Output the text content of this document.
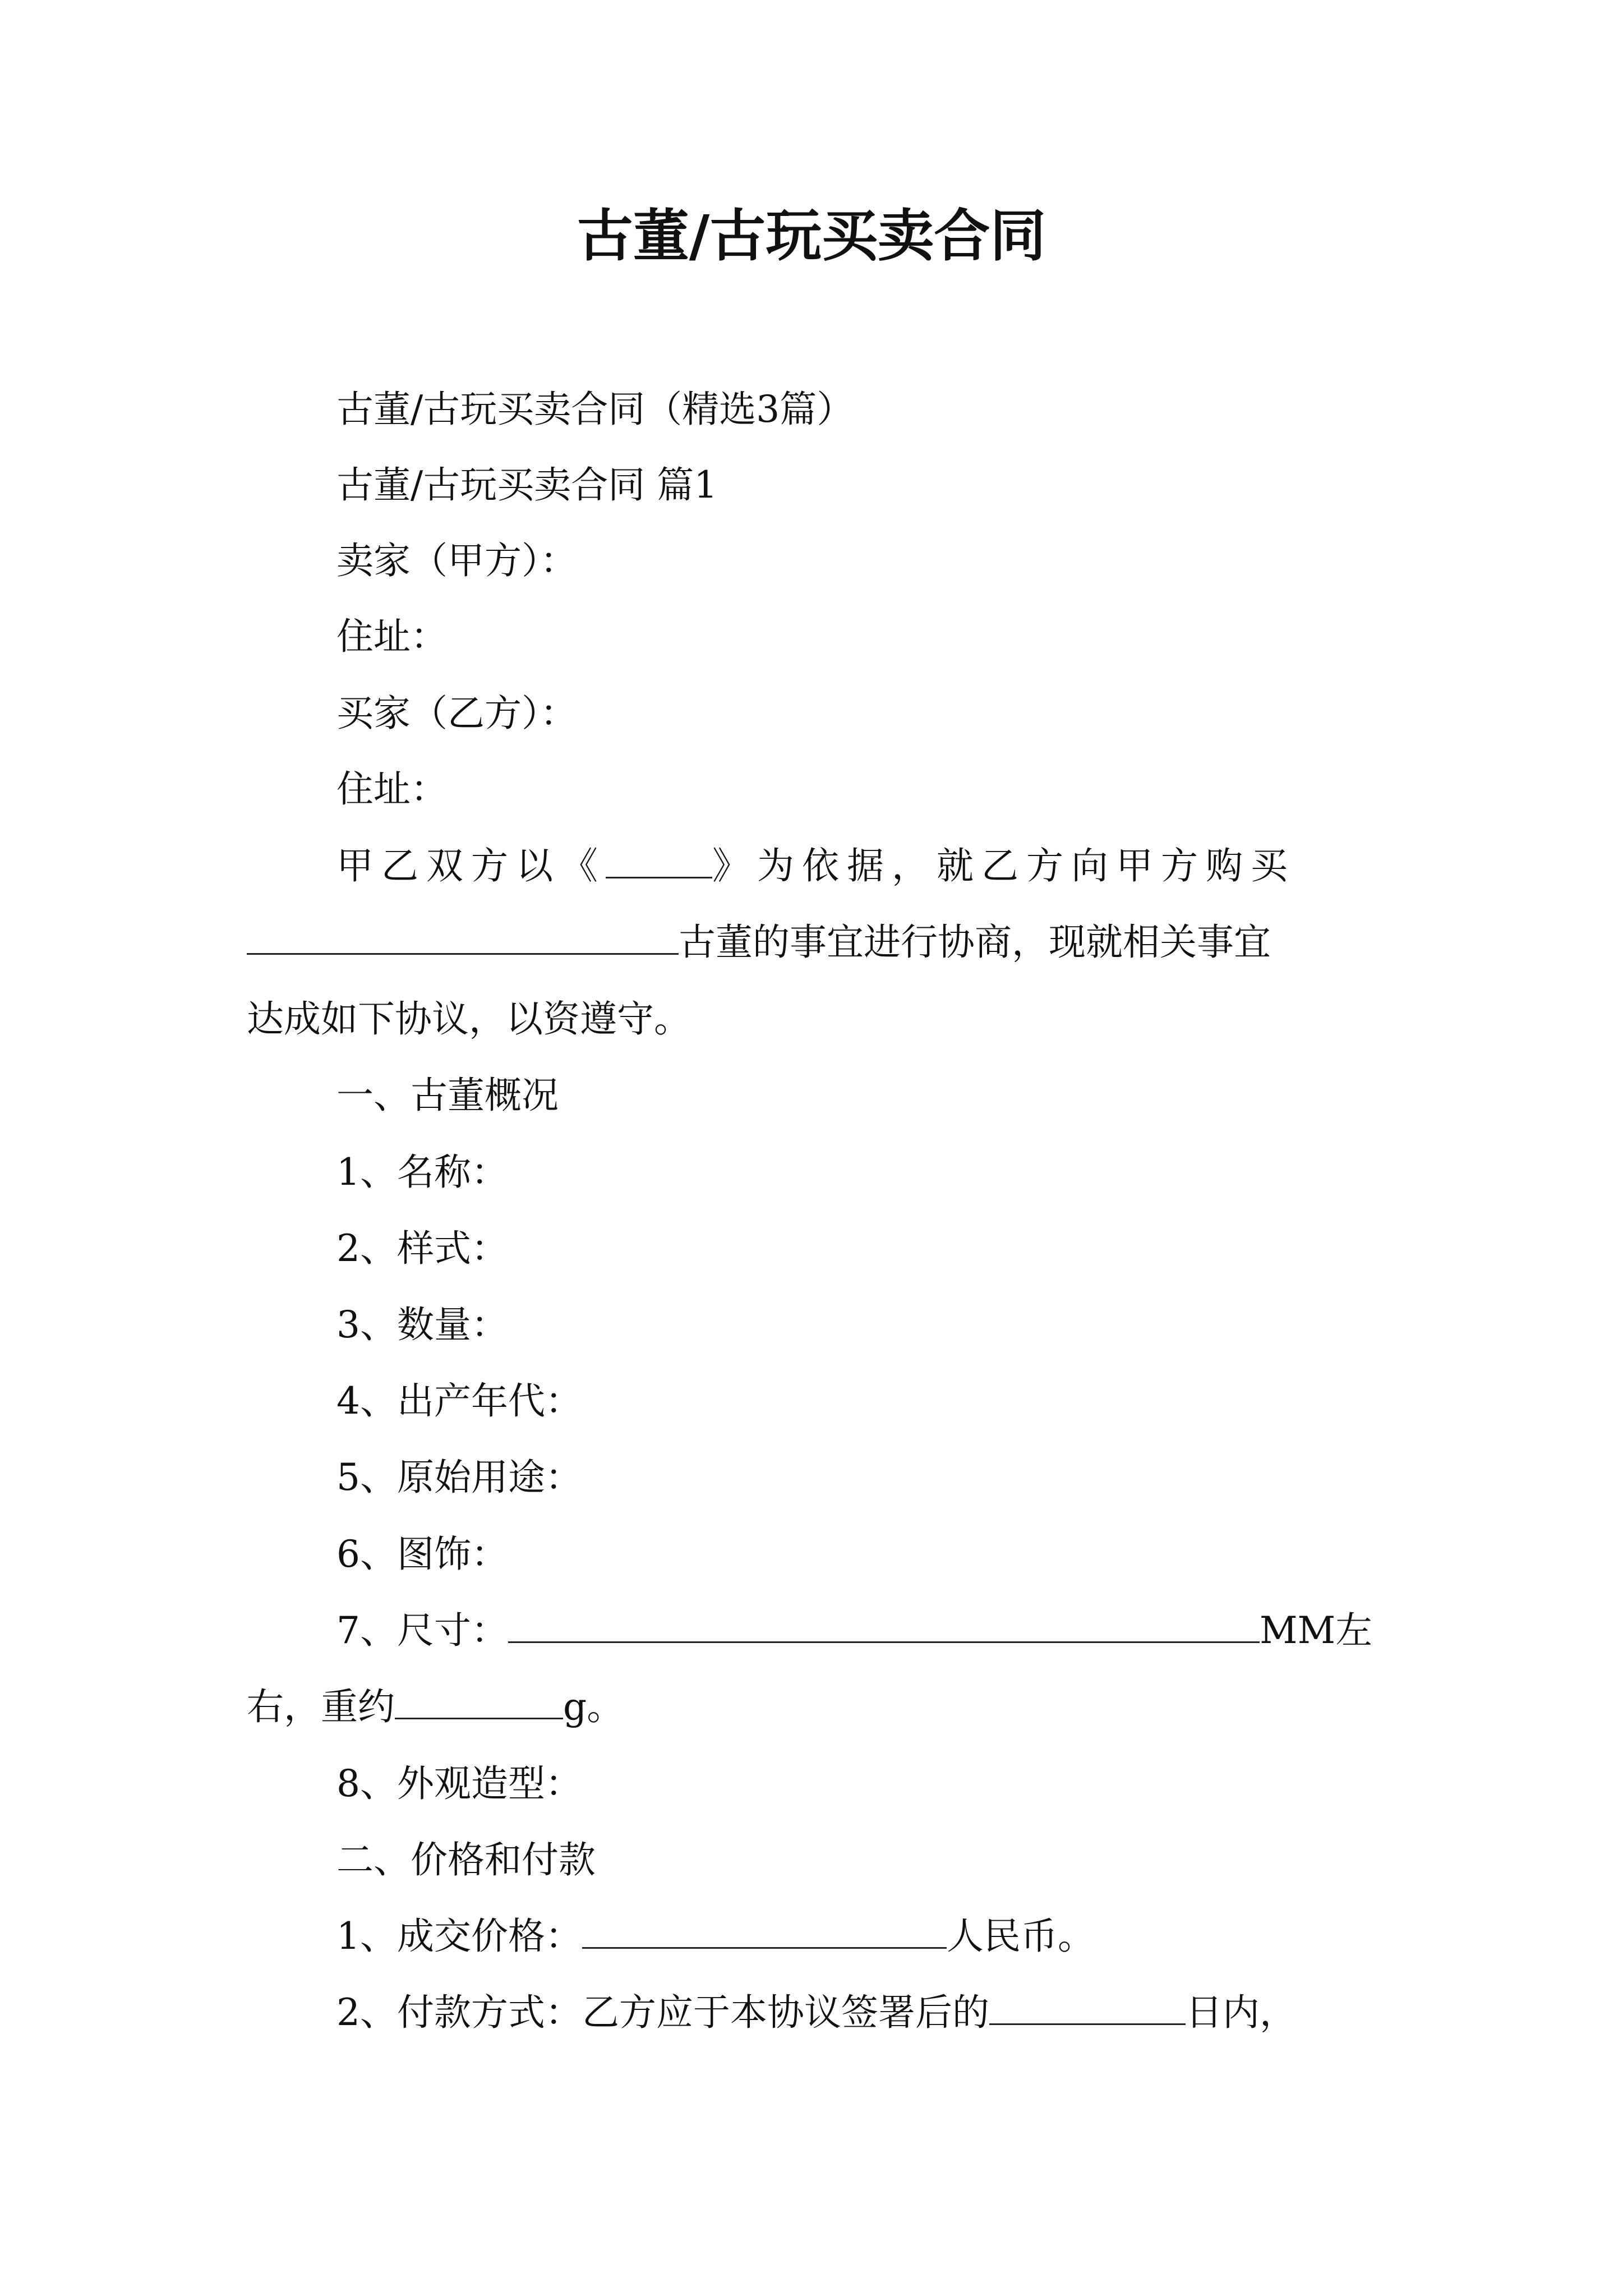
古董/古玩买卖合同

古董/古玩买卖合同（精选3篇）

古董/古玩买卖合同 篇1

卖家（甲方）：

住址：

买家（乙方）：

住址：

甲乙双方以《	》为依据，就乙方向甲方购买

古董的事宜进行协商，现就相关事宜

达成如下协议，以资遵守。

一、古董概况

1、名称：

2、样式：

3、数量：

4、出产年代：

5、原始用途：

6、图饰：

7、尺寸：	MM左

右，重约	g。

8、外观造型：

二、价格和付款

1、成交价格：	人民币。

2、付款方式：乙方应于本协议签署后的	日内，
